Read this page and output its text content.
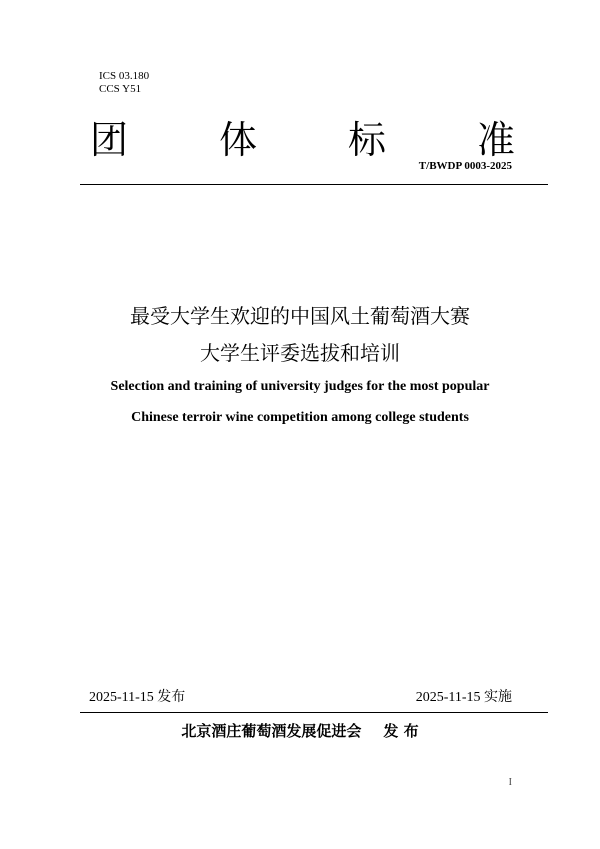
ICS 03.180
CCS Y51
团 体 标 准
T/BWDP 0003-2025
最受大学生欢迎的中国风土葡萄酒大赛
大学生评委选拔和培训
Selection and training of university judges for the most popular
Chinese terroir wine competition among college students
2025-11-15 发布	2025-11-15 实施
北京酒庄葡萄酒发展促进会 发 布
I
